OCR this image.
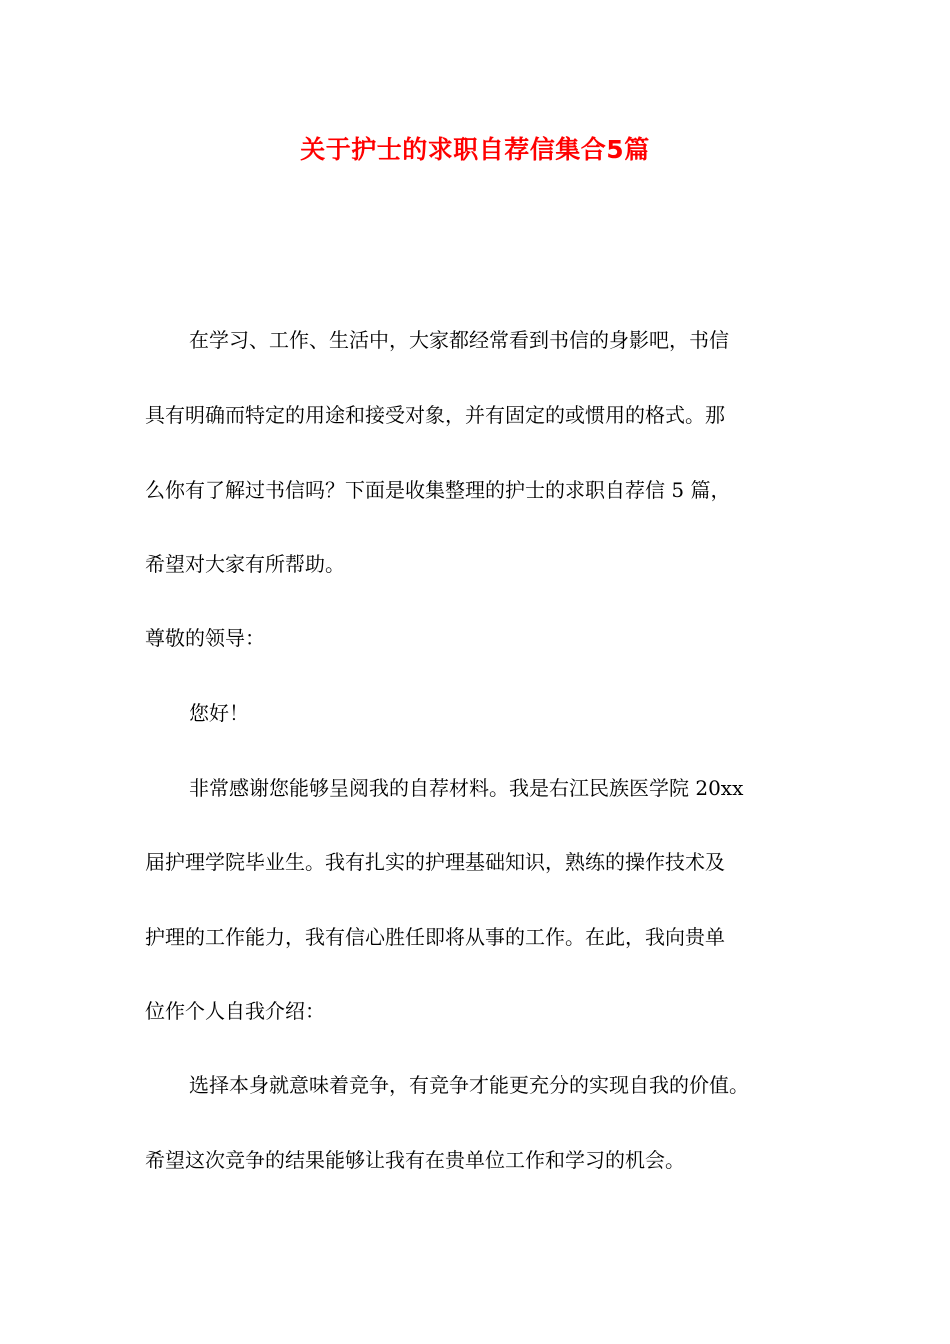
关于护士的求职自荐信集合5篇
在学习、工作、生活中，大家都经常看到书信的身影吧，书信
具有明确而特定的用途和接受对象，并有固定的或惯用的格式。那
么你有了解过书信吗？下面是收集整理的护士的求职自荐信 5 篇，
希望对大家有所帮助。
尊敬的领导：
您好！
非常感谢您能够呈阅我的自荐材料。我是右江民族医学院 20xx
届护理学院毕业生。我有扎实的护理基础知识，熟练的操作技术及
护理的工作能力，我有信心胜任即将从事的工作。在此，我向贵单
位作个人自我介绍：
选择本身就意味着竞争，有竞争才能更充分的实现自我的价值。
希望这次竞争的结果能够让我有在贵单位工作和学习的机会。
